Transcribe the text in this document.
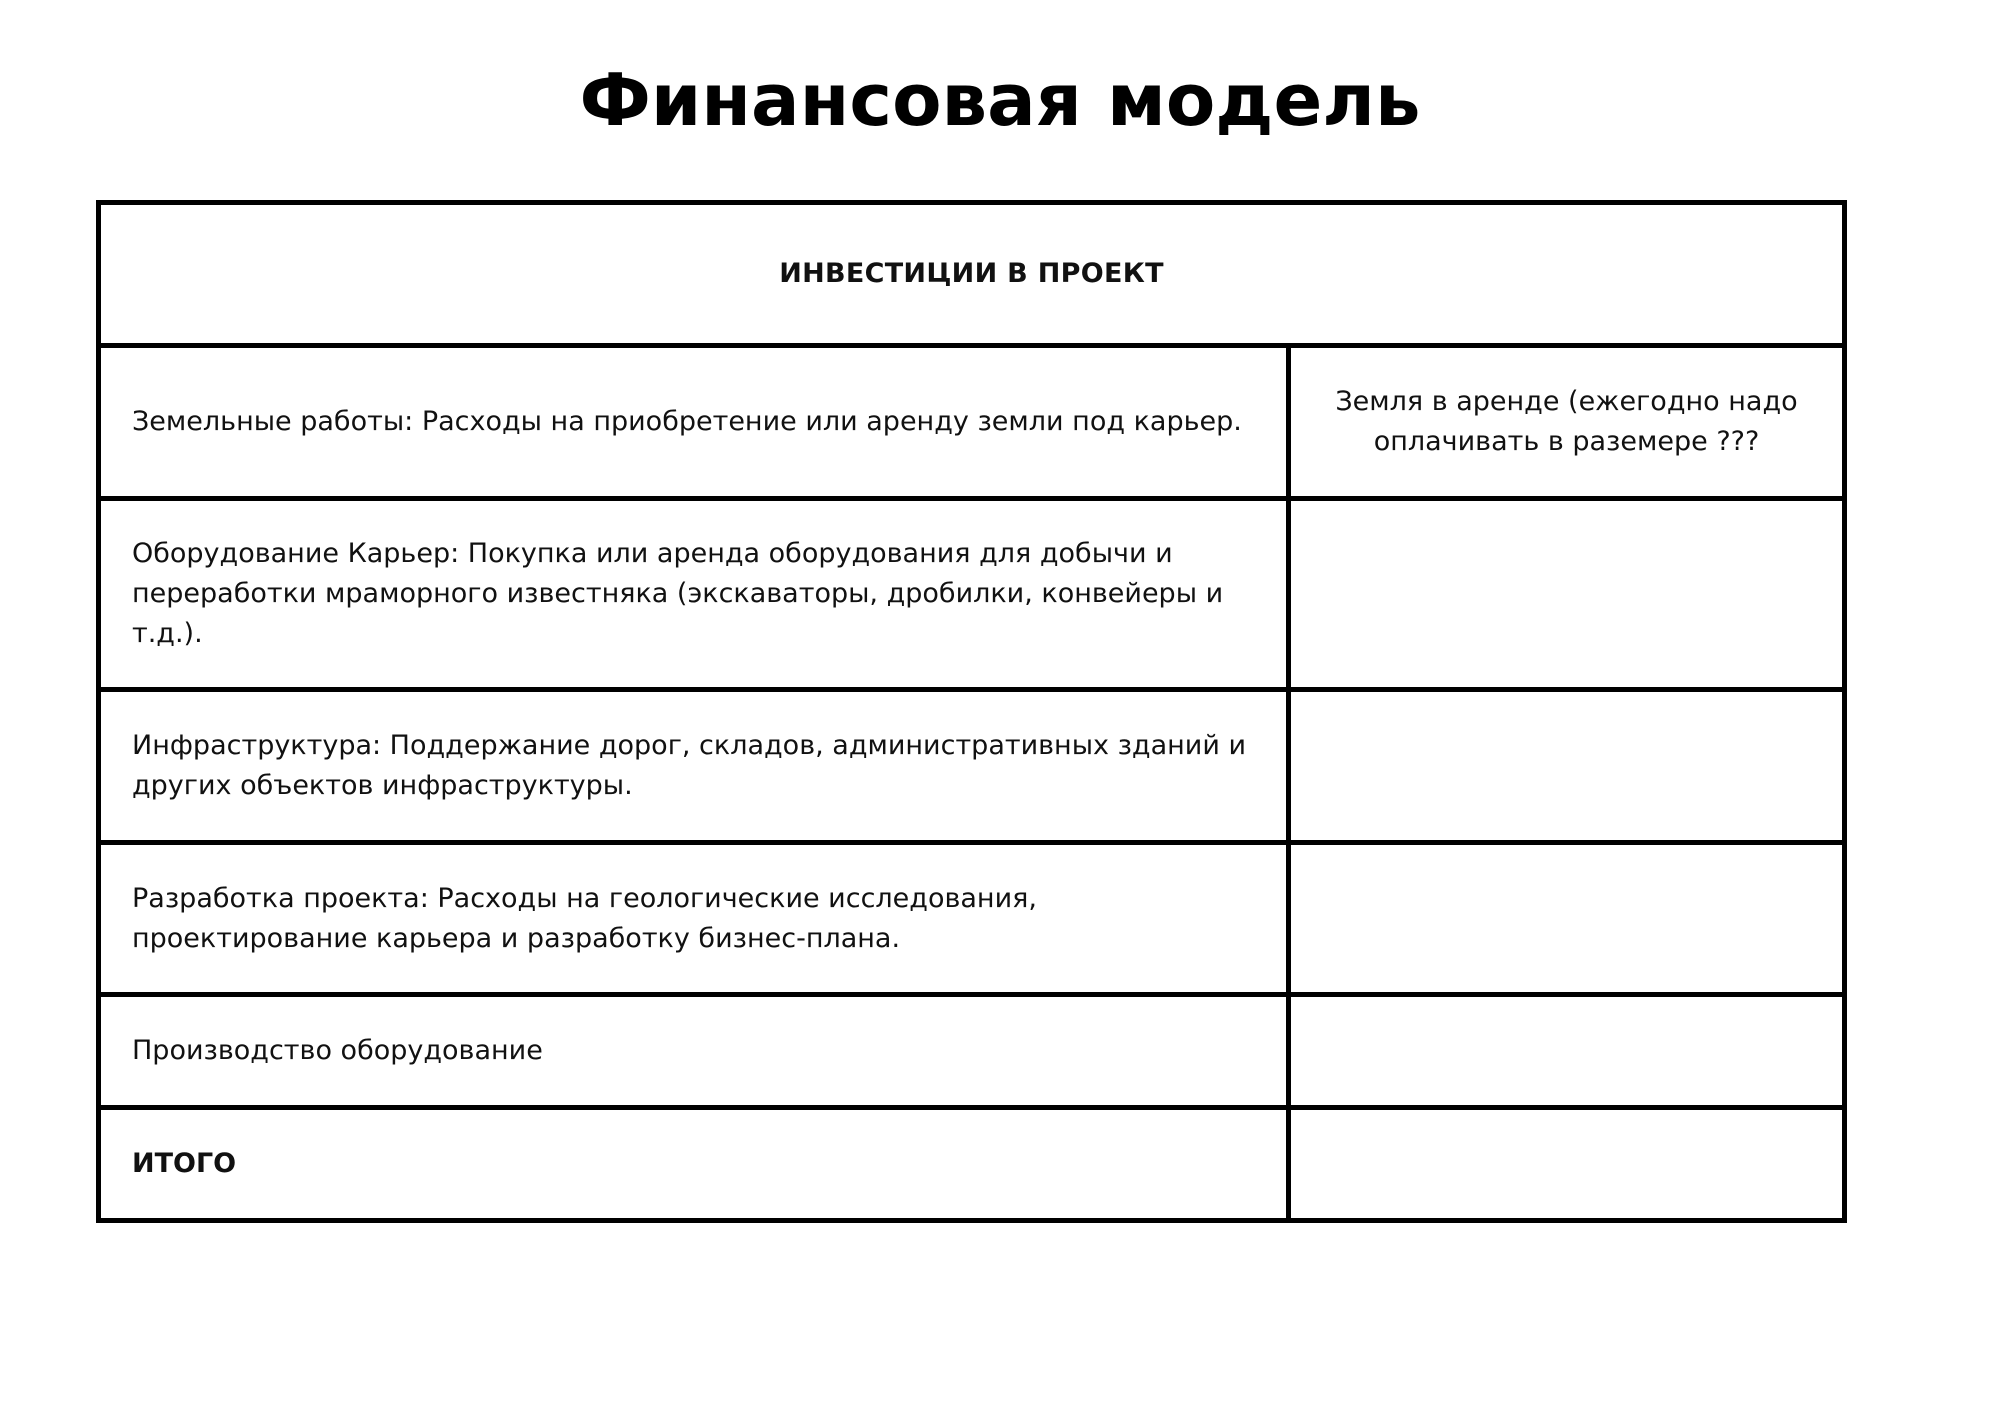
Финансовая модель
ИНВЕСТИЦИИ В ПРОЕКТ	
Земельные работы: Расходы на приобретение или аренду земли под карьер.	Земля в аренде (ежегодно надо оплачивать в раземере ???
Оборудование Карьер: Покупка или аренда оборудования для добычи и переработки мраморного известняка (экскаваторы, дробилки, конвейеры и т.д.).	
Инфраструктура: Поддержание дорог, складов, административных зданий и других объектов инфраструктуры.	
Разработка проекта: Расходы на геологические исследования, проектирование карьера и разработку бизнес-плана.	
Производство оборудование	
ИТОГО	
